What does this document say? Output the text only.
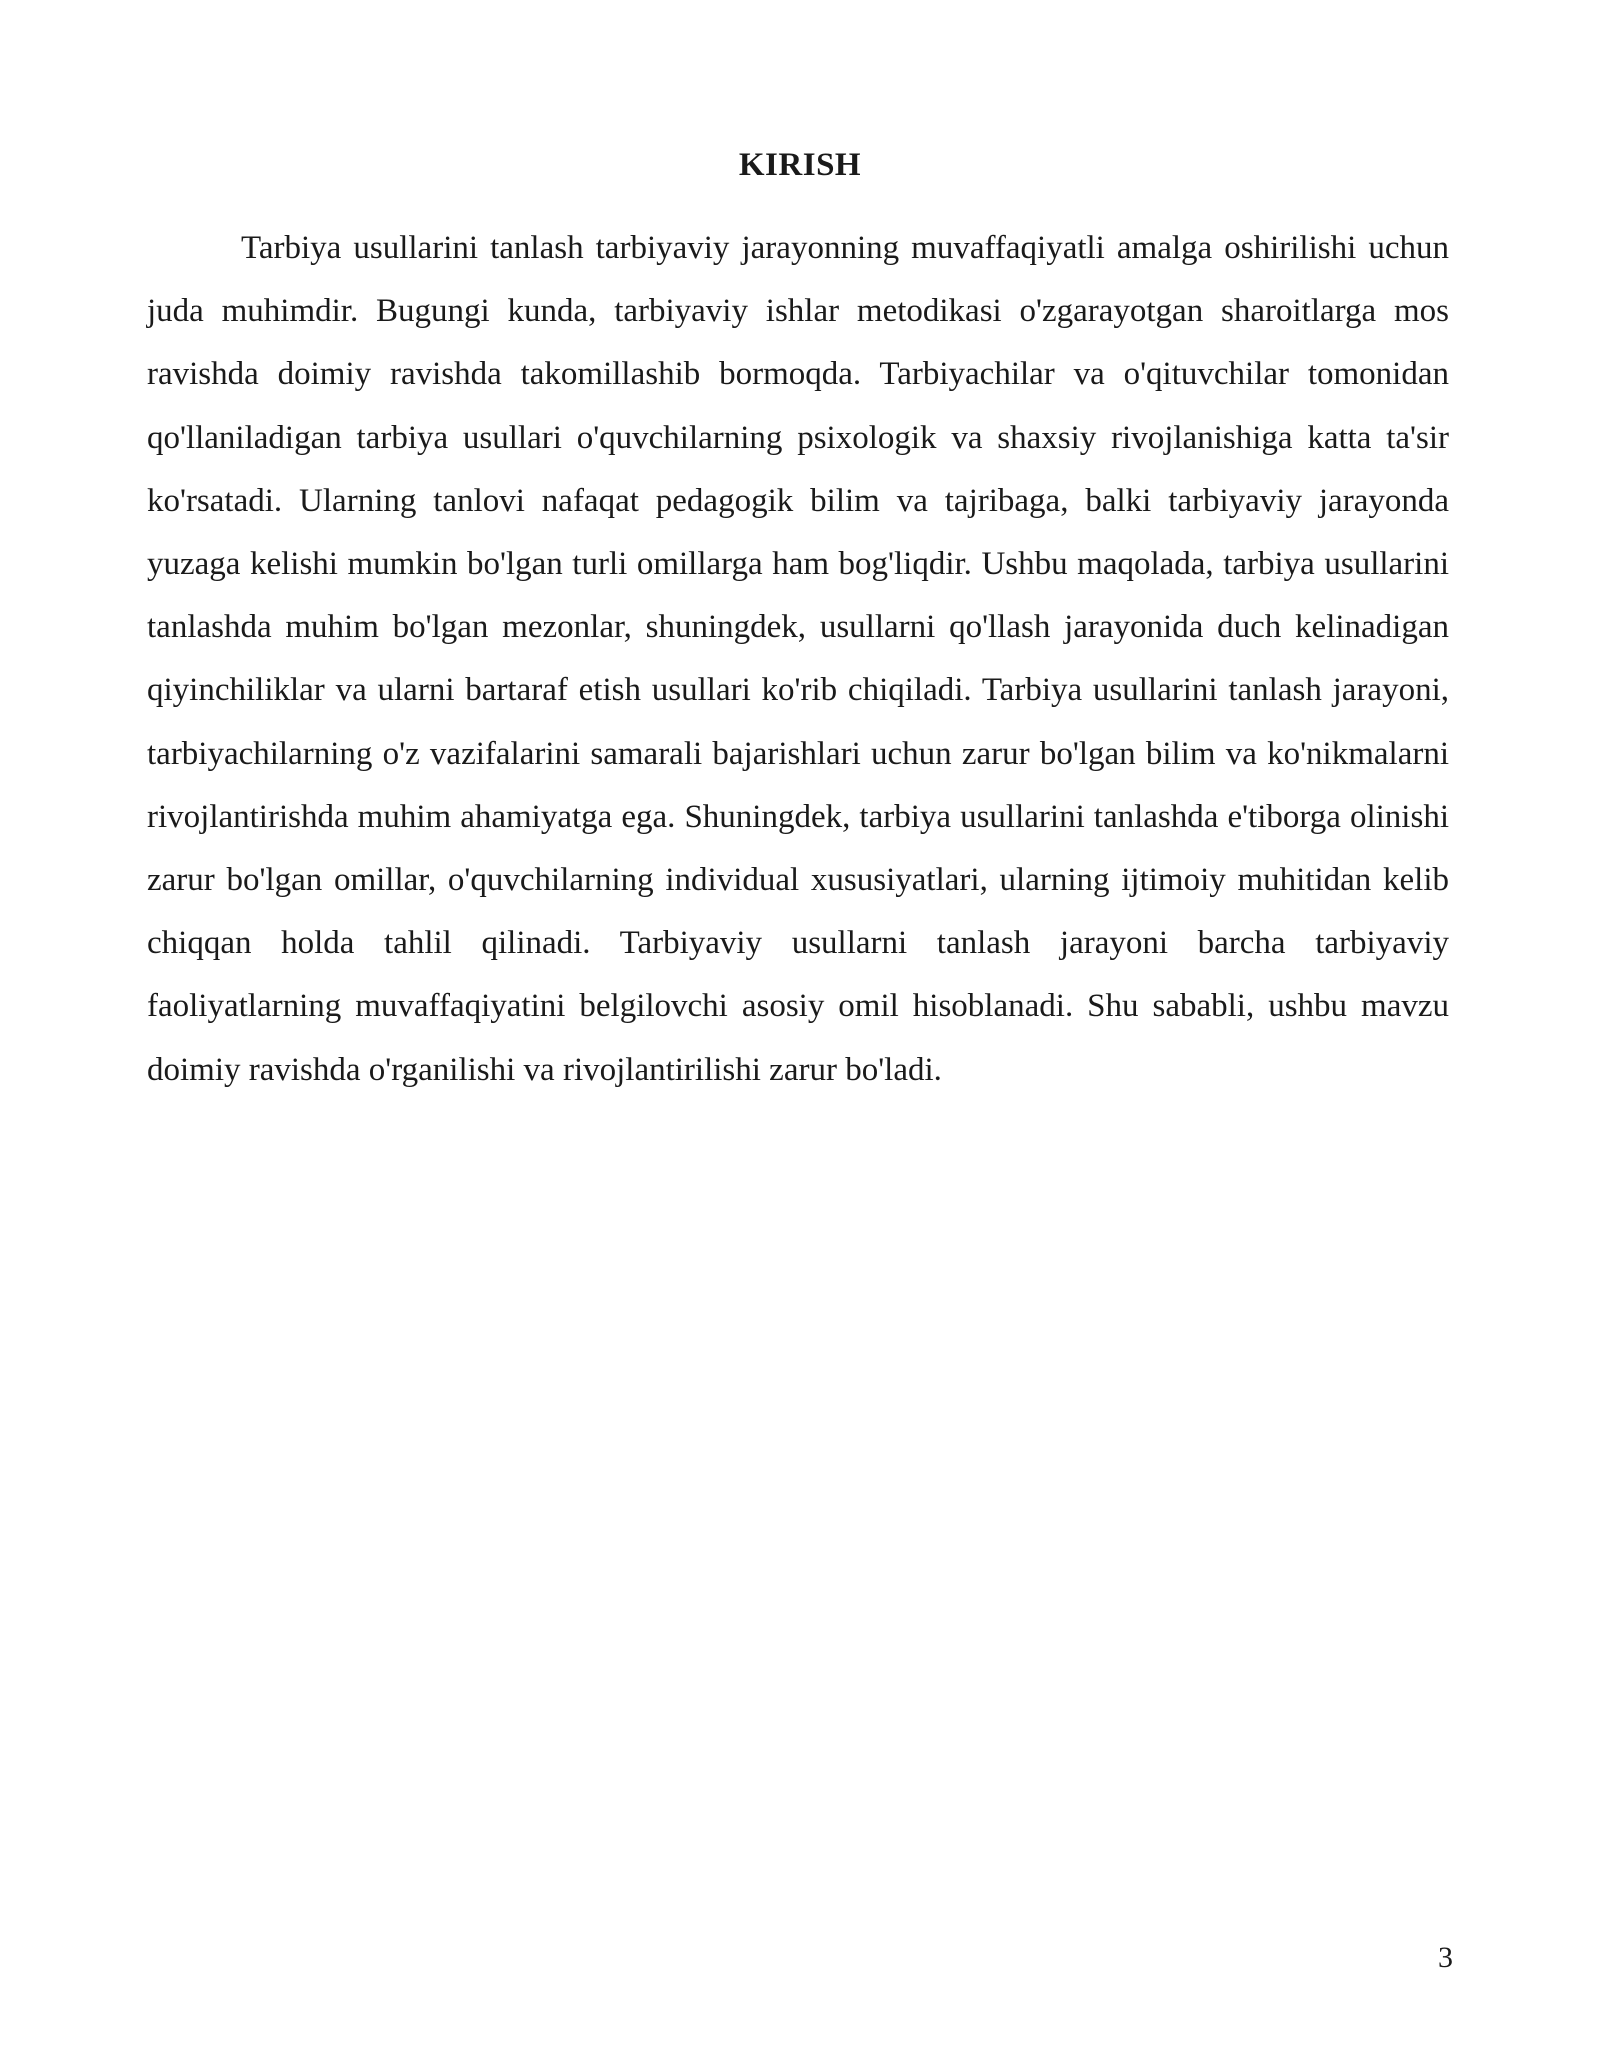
KIRISH

Tarbiya usullarini tanlash tarbiyaviy jarayonning muvaffaqiyatli amalga oshirilishi uchun juda muhimdir. Bugungi kunda, tarbiyaviy ishlar metodikasi o'zgarayotgan sharoitlarga mos ravishda doimiy ravishda takomillashib bormoqda. Tarbiyachilar va o'qituvchilar tomonidan qo'llaniladigan tarbiya usullari o'quvchilarning psixologik va shaxsiy rivojlanishiga katta ta'sir ko'rsatadi. Ularning tanlovi nafaqat pedagogik bilim va tajribaga, balki tarbiyaviy jarayonda yuzaga kelishi mumkin bo'lgan turli omillarga ham bog'liqdir. Ushbu maqolada, tarbiya usullarini tanlashda muhim bo'lgan mezonlar, shuningdek, usullarni qo'llash jarayonida duch kelinadigan qiyinchiliklar va ularni bartaraf etish usullari ko'rib chiqiladi. Tarbiya usullarini tanlash jarayoni, tarbiyachilarning o'z vazifalarini samarali bajarishlari uchun zarur bo'lgan bilim va ko'nikmalarni rivojlantirishda muhim ahamiyatga ega. Shuningdek, tarbiya usullarini tanlashda e'tiborga olinishi zarur bo'lgan omillar, o'quvchilarning individual xususiyatlari, ularning ijtimoiy muhitidan kelib chiqqan holda tahlil qilinadi. Tarbiyaviy usullarni tanlash jarayoni barcha tarbiyaviy faoliyatlarning muvaffaqiyatini belgilovchi asosiy omil hisoblanadi. Shu sababli, ushbu mavzu doimiy ravishda o'rganilishi va rivojlantirilishi zarur bo'ladi.

3
